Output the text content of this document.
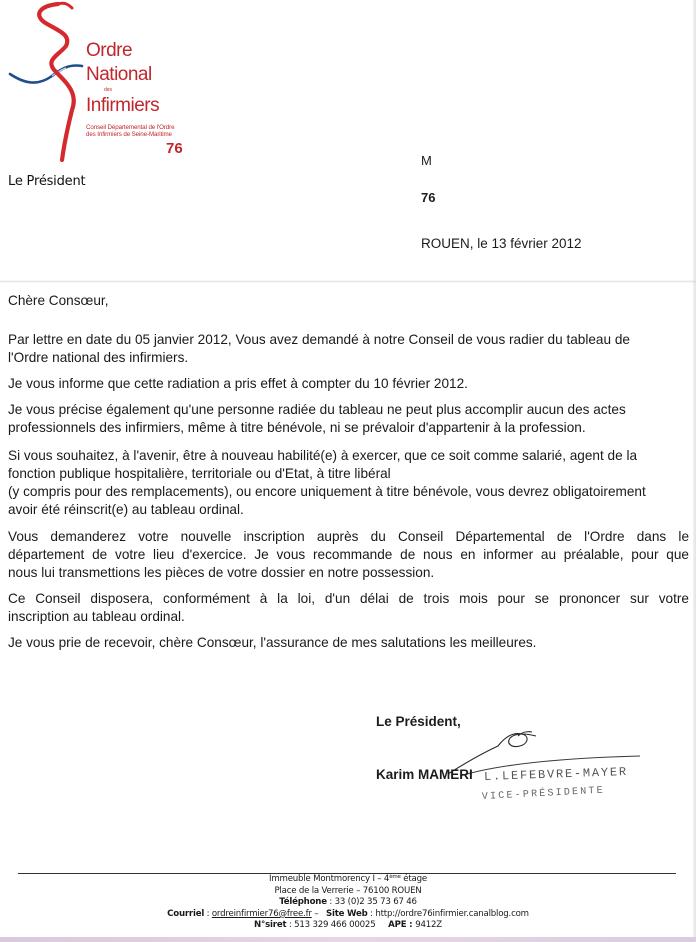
Ordre
National
des
Infirmiers
Conseil Départemental de l'Ordre
des Infirmiers de Seine-Maritime
76
Le Président
M
76
ROUEN, le 13 février 2012
Chère Consœur,
Par lettre en date du 05 janvier 2012, Vous avez demandé à notre Conseil de vous radier du tableau de
l'Ordre national des infirmiers.
Je vous informe que cette radiation a pris effet à compter du 10 février 2012.
Je vous précise également qu'une personne radiée du tableau ne peut plus accomplir aucun des actes
professionnels des infirmiers, même à titre bénévole, ni se prévaloir d'appartenir à la profession.
Si vous souhaitez, à l'avenir, être à nouveau habilité(e) à exercer, que ce soit comme salarié, agent de la
fonction publique hospitalière, territoriale ou d'Etat, à titre libéral
(y compris pour des remplacements), ou encore uniquement à titre bénévole, vous devrez obligatoirement
avoir été réinscrit(e) au tableau ordinal.
Vous demanderez votre nouvelle inscription auprès du Conseil Départemental de l'Ordre dans le
département de votre lieu d'exercice. Je vous recommande de nous en informer au préalable, pour que
nous lui transmettions les pièces de votre dossier en notre possession.
Ce Conseil disposera, conformément à la loi, d'un délai de trois mois pour se prononcer sur votre
inscription au tableau ordinal.
Je vous prie de recevoir, chère Consœur, l'assurance de mes salutations les meilleures.
Le Président,
Karim MAMERI L.LEFEBVRE-MAYER
VICE-PRÉSIDENTE
Immeuble Montmorency I – 4ème étage
Place de la Verrerie – 76100 ROUEN
Téléphone : 33 (0)2 35 73 67 46
Courriel : ordreinfirmier76@free.fr –   Site Web : http://ordre76infirmier.canalblog.com
N°siret : 513 329 466 00025 APE : 9412Z
